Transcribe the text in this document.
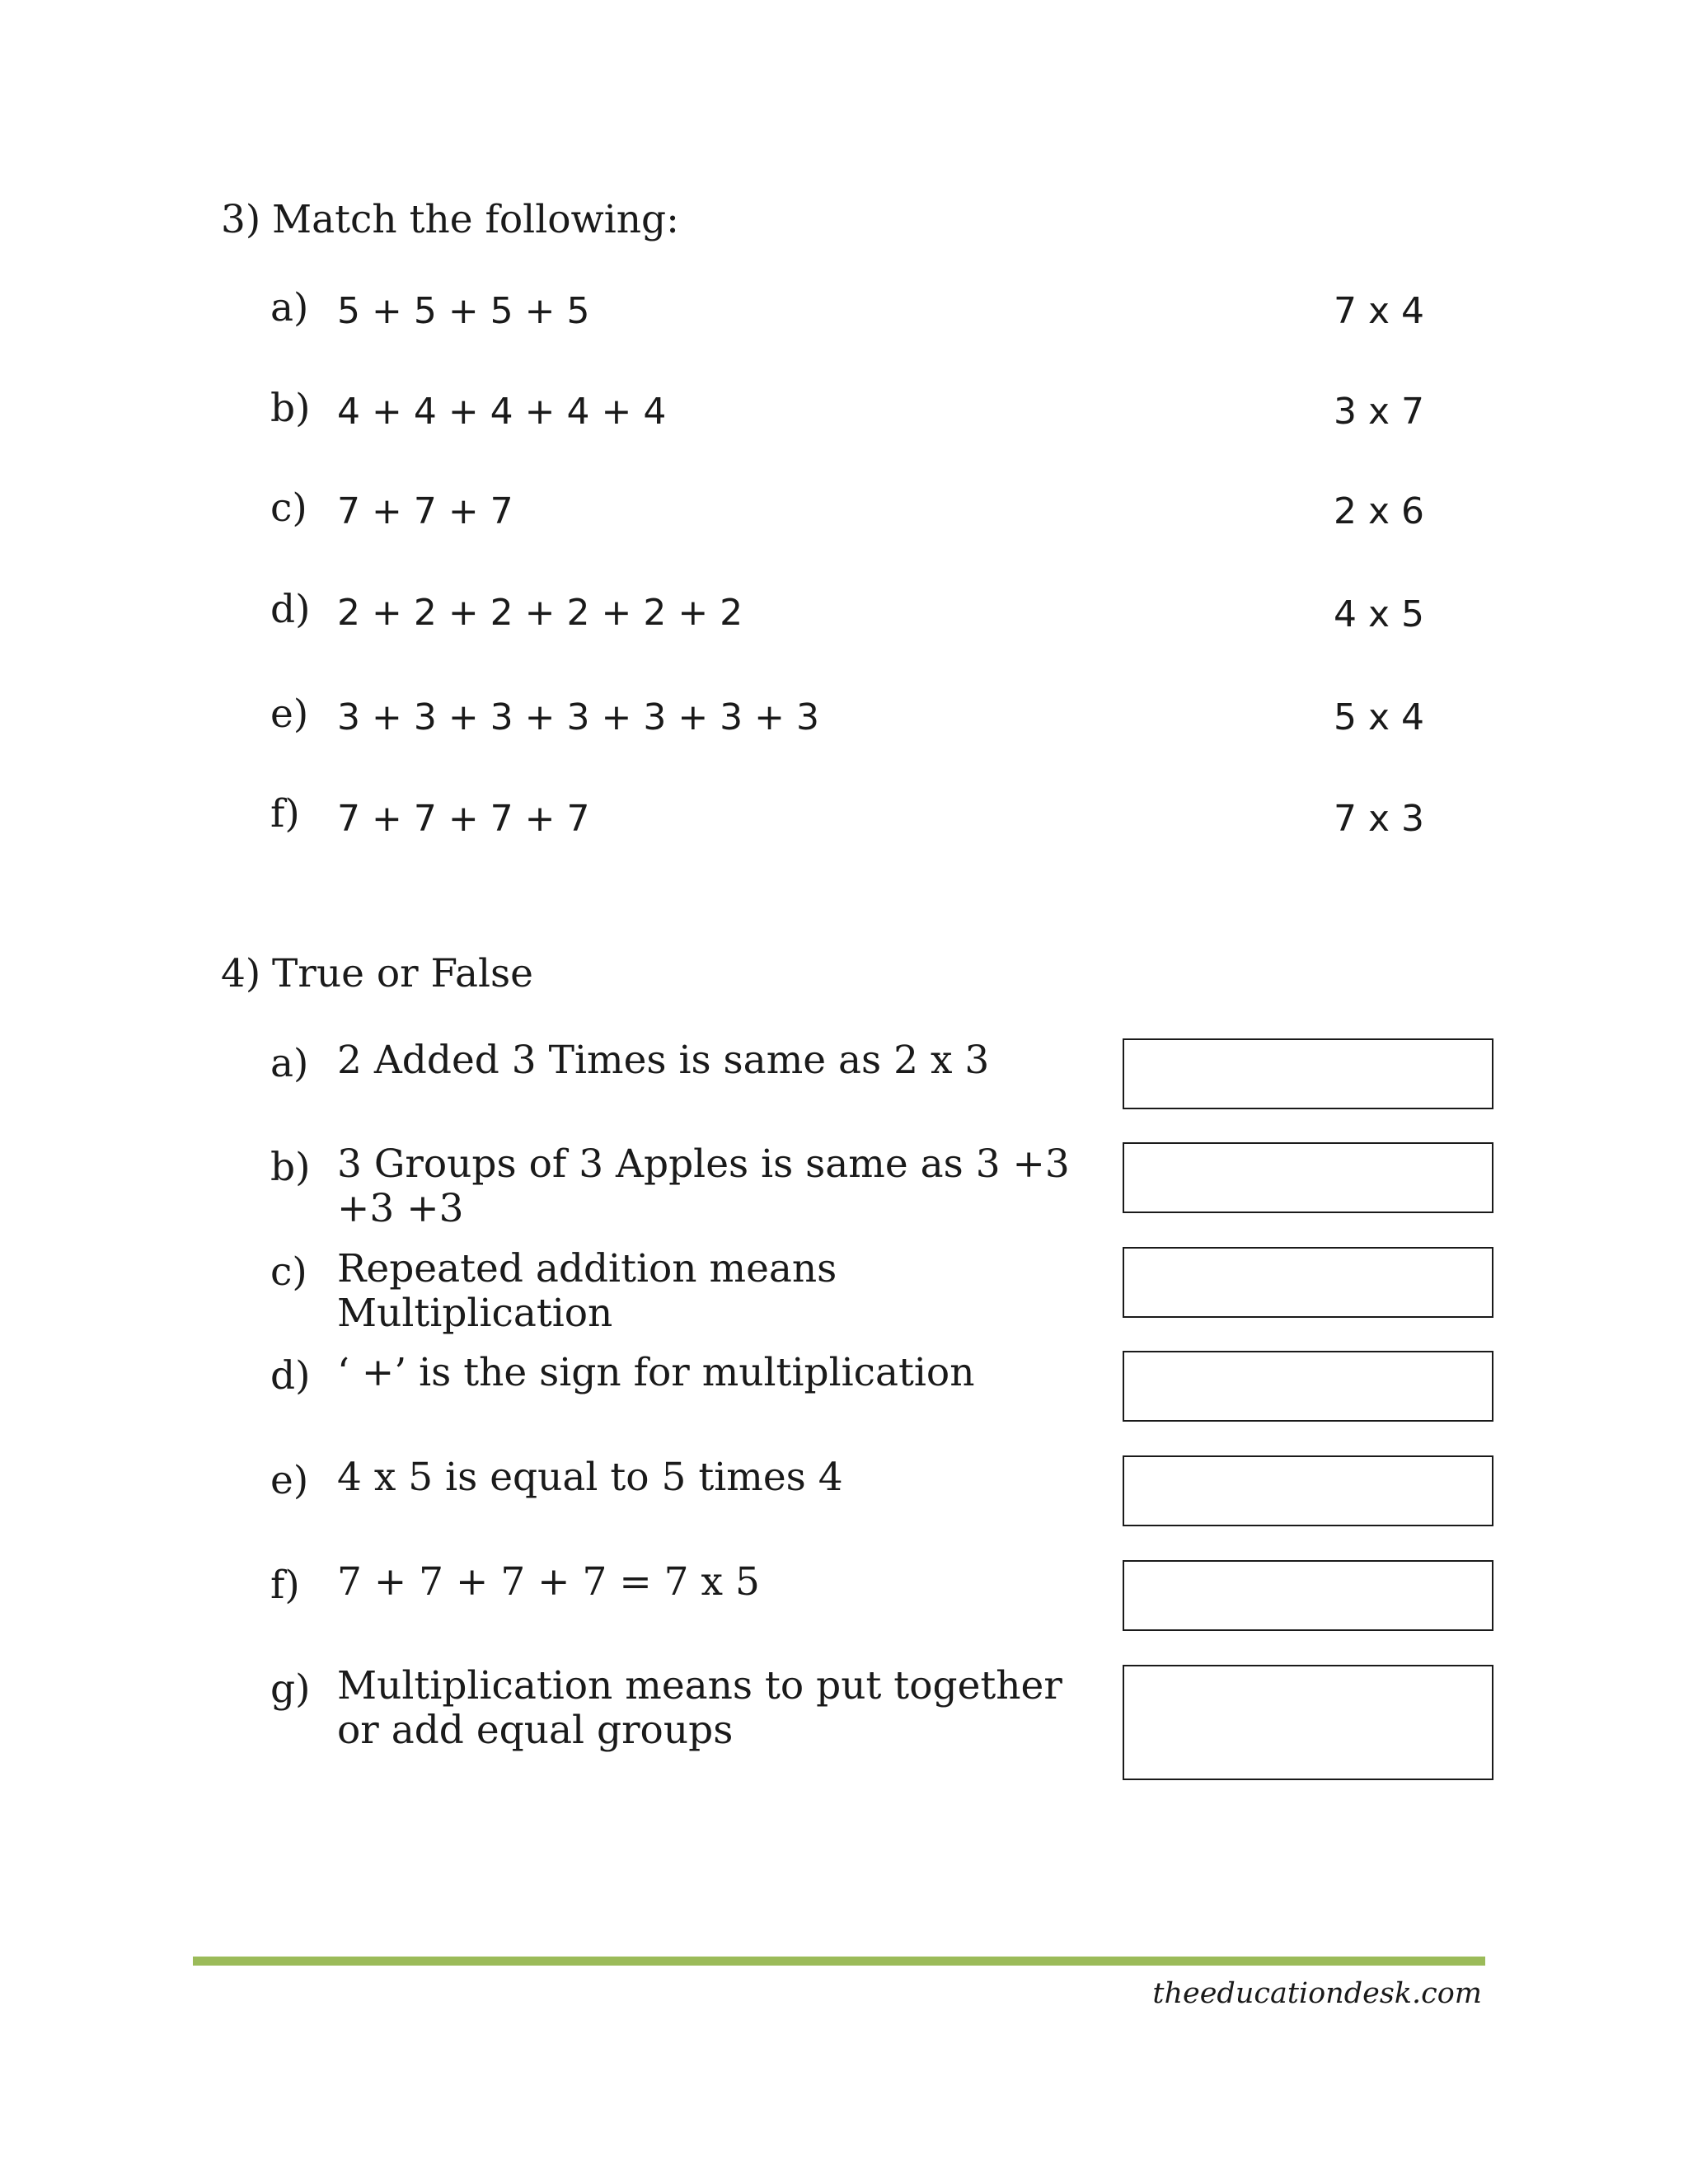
3) Match the following:
a) 5 + 5 + 5 + 5	7 x 4
b) 4 + 4 + 4 + 4 + 4	3 x 7
c) 7 + 7 + 7	2 x 6
d) 2 + 2 + 2 + 2 + 2 + 2	4 x 5
e) 3 + 3 + 3 + 3 + 3 + 3 + 3	5 x 4
f) 7 + 7 + 7 + 7	7 x 3
4) True or False
a) 2 Added 3 Times is same as 2 x 3
b) 3 Groups of 3 Apples is same as 3 +3 +3 +3
c) Repeated addition means Multiplication
d) ‘ +’ is the sign for multiplication
e) 4 x 5 is equal to 5 times 4
f) 7 + 7 + 7 + 7 = 7 x 5
g) Multiplication means to put together or add equal groups
theeducationdesk.com
